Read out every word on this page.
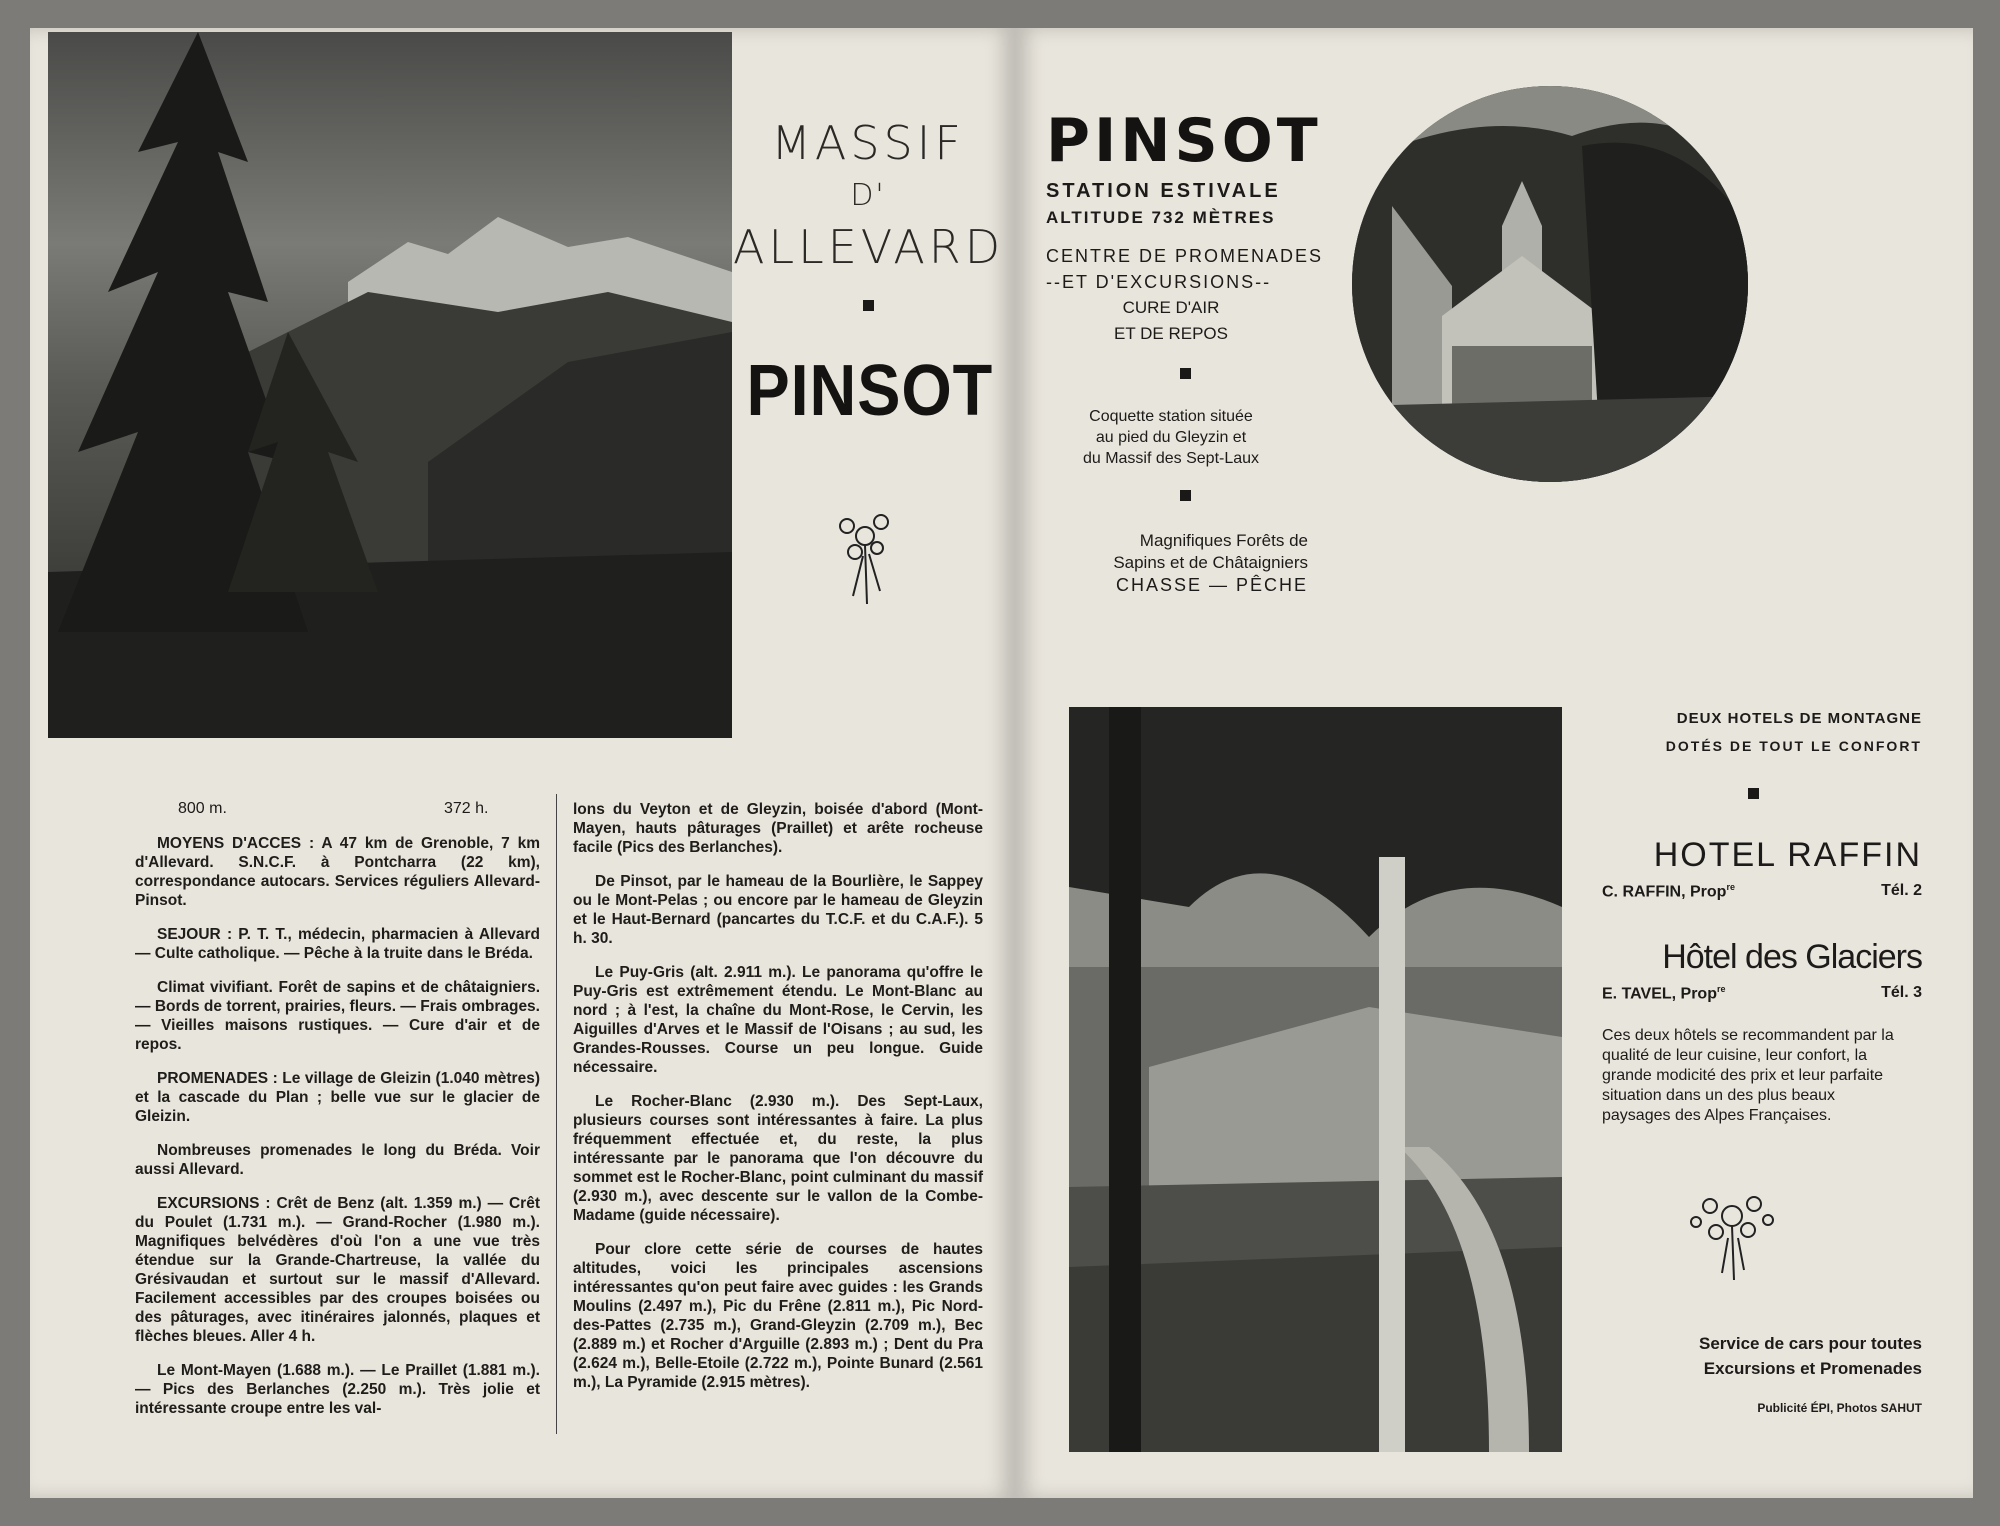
MASSIF
D'
ALLEVARD
PINSOT
800 m.	372 h.

MOYENS D'ACCES : A 47 km de Grenoble, 7 km d'Allevard. S.N.C.F. à Pontcharra (22 km), correspondance autocars. Services réguliers Allevard-Pinsot.

SEJOUR : P. T. T., médecin, pharmacien à Allevard — Culte catholique. — Pêche à la truite dans le Bréda.

Climat vivifiant. Forêt de sapins et de châtaigniers. — Bords de torrent, prairies, fleurs. — Frais ombrages. — Vieilles maisons rustiques. — Cure d'air et de repos.

PROMENADES : Le village de Gleizin (1.040 mètres) et la cascade du Plan ; belle vue sur le glacier de Gleizin.

Nombreuses promenades le long du Bréda. Voir aussi Allevard.

EXCURSIONS : Crêt de Benz (alt. 1.359 m.) — Crêt du Poulet (1.731 m.). — Grand-Rocher (1.980 m.). Magnifiques belvédères d'où l'on a une vue très étendue sur la Grande-Chartreuse, la vallée du Grésivaudan et surtout sur le massif d'Allevard. Facilement accessibles par des croupes boisées ou des pâturages, avec itinéraires jalonnés, plaques et flèches bleues. Aller 4 h.

Le Mont-Mayen (1.688 m.). — Le Praillet (1.881 m.). — Pics des Berlanches (2.250 m.). Très jolie et intéressante croupe entre les val-

lons du Veyton et de Gleyzin, boisée d'abord (Mont-Mayen, hauts pâturages (Praillet) et arête rocheuse facile (Pics des Berlanches).

De Pinsot, par le hameau de la Bourlière, le Sappey ou le Mont-Pelas ; ou encore par le hameau de Gleyzin et le Haut-Bernard (pancartes du T.C.F. et du C.A.F.). 5 h. 30.

Le Puy-Gris (alt. 2.911 m.). Le panorama qu'offre le Puy-Gris est extrêmement étendu. Le Mont-Blanc au nord ; à l'est, la chaîne du Mont-Rose, le Cervin, les Aiguilles d'Arves et le Massif de l'Oisans ; au sud, les Grandes-Rousses. Course un peu longue. Guide nécessaire.

Le Rocher-Blanc (2.930 m.). Des Sept-Laux, plusieurs courses sont intéressantes à faire. La plus fréquemment effectuée et, du reste, la plus intéressante par le panorama que l'on découvre du sommet est le Rocher-Blanc, point culminant du massif (2.930 m.), avec descente sur le vallon de la Combe-Madame (guide nécessaire).

Pour clore cette série de courses de hautes altitudes, voici les principales ascensions intéressantes qu'on peut faire avec guides : les Grands Moulins (2.497 m.), Pic du Frêne (2.811 m.), Pic Nord-des-Pattes (2.735 m.), Grand-Gleyzin (2.709 m.), Bec (2.889 m.) et Rocher d'Arguille (2.893 m.) ; Dent du Pra (2.624 m.), Belle-Etoile (2.722 m.), Pointe Bunard (2.561 m.), La Pyramide (2.915 mètres).

PINSOT
STATION ESTIVALE
ALTITUDE 732 MÈTRES
CENTRE DE PROMENADES
--ET D'EXCURSIONS--
CURE D'AIR
ET DE REPOS
Coquette station située
au pied du Gleyzin et
du Massif des Sept-Laux
Magnifiques Forêts de
Sapins et de Châtaigniers
CHASSE — PÊCHE
DEUX HOTELS DE MONTAGNE
DOTÉS DE TOUT LE CONFORT
HOTEL RAFFIN
C. RAFFIN, Prop$^{re}$	Tél. 2
Hôtel des Glaciers
E. TAVEL, Prop$^{re}$	Tél. 3
Ces deux hôtels se recommandent par la qualité de leur cuisine, leur confort, la grande modicité des prix et leur parfaite situation dans un des plus beaux paysages des Alpes Françaises.
Service de cars pour toutes
Excursions et Promenades
Publicité ÉPI, Photos SAHUT
